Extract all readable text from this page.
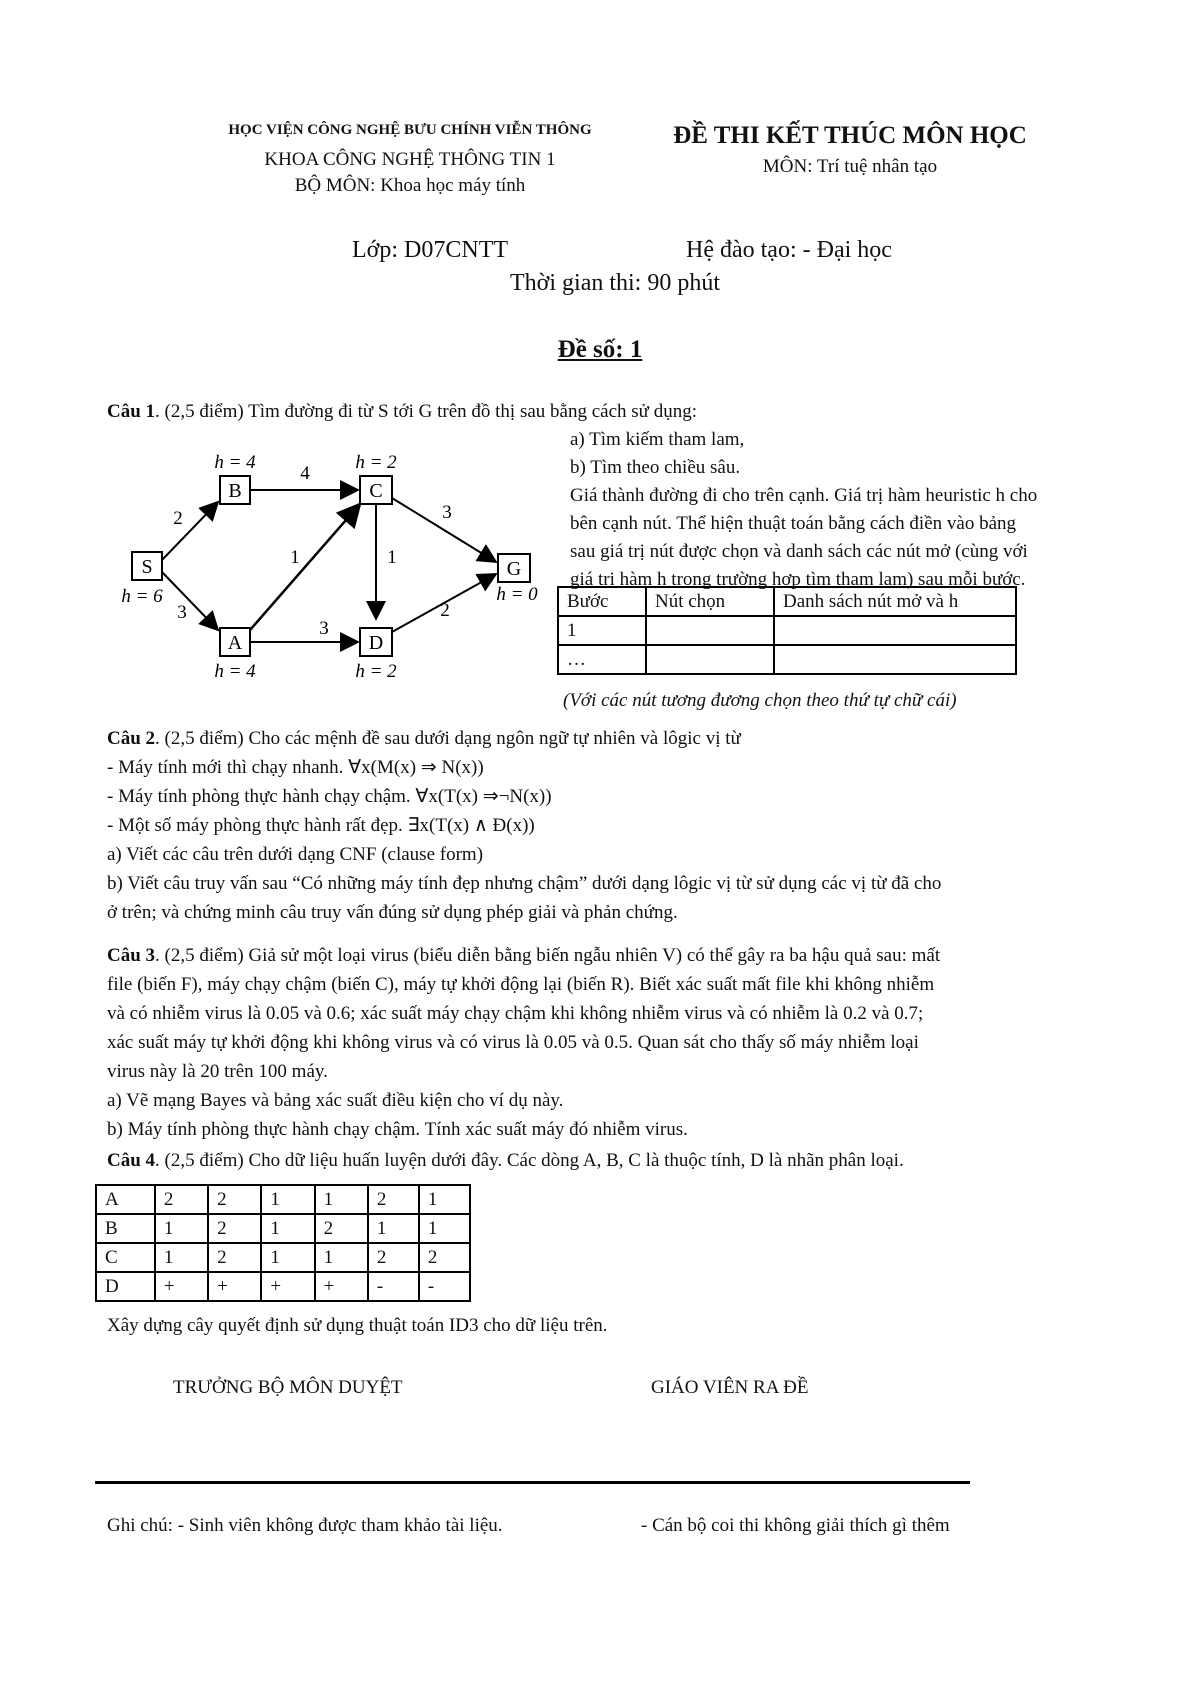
HỌC VIỆN CÔNG NGHỆ BƯU CHÍNH VIỄN THÔNG
KHOA CÔNG NGHỆ THÔNG TIN 1
BỘ MÔN: Khoa học máy tính
ĐỀ THI KẾT THÚC MÔN HỌC
MÔN: Trí tuệ nhân tạo
Lớp: D07CNTT	Hệ đào tạo: - Đại học
Thời gian thi: 90 phút
Đề số: 1
Câu 1. (2,5 điểm) Tìm đường đi từ S tới G trên đồ thị sau bằng cách sử dụng:
a) Tìm kiếm tham lam,
b) Tìm theo chiều sâu.
Giá thành đường đi cho trên cạnh. Giá trị hàm heuristic h cho
bên cạnh nút. Thể hiện thuật toán bằng cách điền vào bảng
sau giá trị nút được chọn và danh sách các nút mở (cùng với
giá trị hàm h trong trường hợp tìm tham lam) sau mỗi bước.
Bước	Nút chọn	Danh sách nút mở và h
1		
…		
(Với các nút tương đương chọn theo thứ tự chữ cái)
S
B	C
A	D
G
h = 4	h = 2
h = 6	h = 0
h = 4	h = 2
2
3
4
1	1
3
3
2

Câu 2. (2,5 điểm) Cho các mệnh đề sau dưới dạng ngôn ngữ tự nhiên và lôgic vị từ

- Máy tính mới thì chạy nhanh. ∀x(M(x) ⇒ N(x))

- Máy tính phòng thực hành chạy chậm. ∀x(T(x) ⇒¬N(x))

- Một số máy phòng thực hành rất đẹp. ∃x(T(x) ∧ Đ(x))

a) Viết các câu trên dưới dạng CNF (clause form)

b) Viết câu truy vấn sau “Có những máy tính đẹp nhưng chậm” dưới dạng lôgic vị từ sử dụng các vị từ đã cho

ở trên; và chứng minh câu truy vấn đúng sử dụng phép giải và phản chứng.

Câu 3. (2,5 điểm) Giả sử một loại virus (biểu diễn bằng biến ngẫu nhiên V) có thể gây ra ba hậu quả sau: mất

file (biến F), máy chạy chậm (biến C), máy tự khởi động lại (biến R). Biết xác suất mất file khi không nhiễm

và có nhiễm virus là 0.05 và 0.6; xác suất máy chạy chậm khi không nhiễm virus và có nhiễm là 0.2 và 0.7;

xác suất máy tự khởi động khi không virus và có virus là 0.05 và 0.5. Quan sát cho thấy số máy nhiễm loại

virus này là 20 trên 100 máy.

a) Vẽ mạng Bayes và bảng xác suất điều kiện cho ví dụ này.

b) Máy tính phòng thực hành chạy chậm. Tính xác suất máy đó nhiễm virus.

Câu 4. (2,5 điểm) Cho dữ liệu huấn luyện dưới đây. Các dòng A, B, C là thuộc tính, D là nhãn phân loại.

A	2	2	1	1	2	1
B	1	2	1	2	1	1
C	1	2	1	1	2	2
D	+	+	+	+	-	-
Xây dựng cây quyết định sử dụng thuật toán ID3 cho dữ liệu trên.
TRƯỞNG BỘ MÔN DUYỆT	GIÁO VIÊN RA ĐỀ
Ghi chú: - Sinh viên không được tham khảo tài liệu.	- Cán bộ coi thi không giải thích gì thêm
